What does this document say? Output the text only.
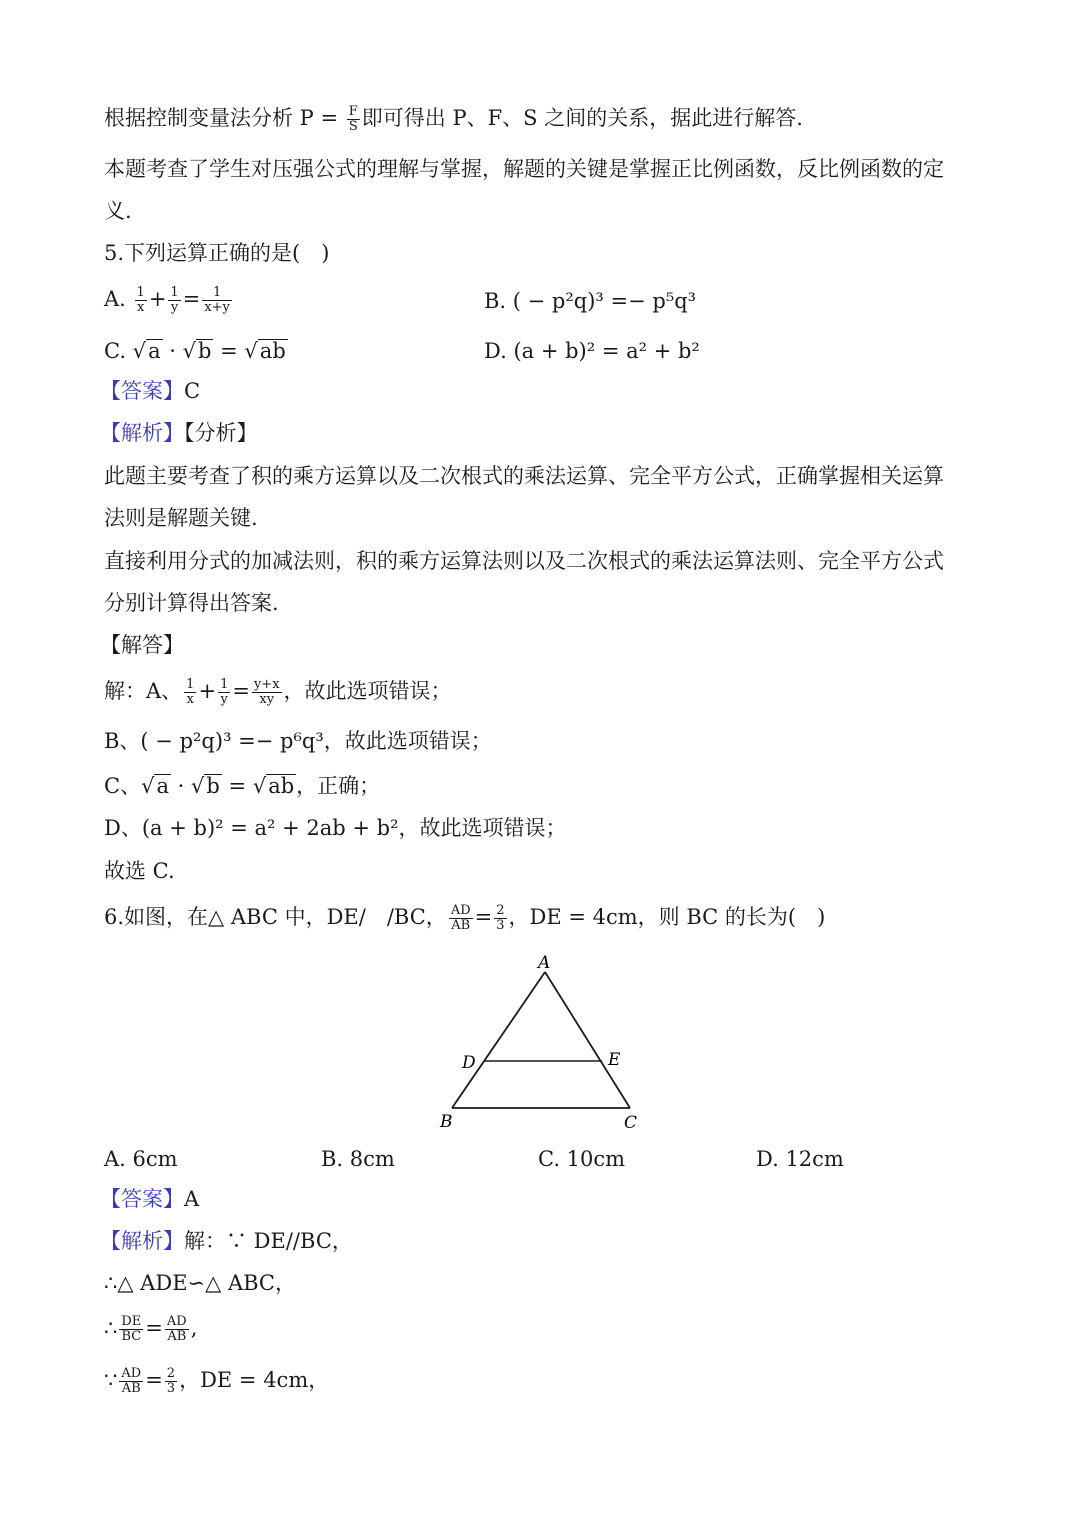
根据控制变量法分析 $P = \frac{F}{S}$ 即可得出 P、F、S 之间的关系，据此进行解答.
本题考查了学生对压强公式的理解与掌握，解题的关键是掌握正比例函数，反比例函数的定
义.
5.下列运算正确的是(　)
A. $\frac{1}{x} + \frac{1}{y} = \frac{1}{x+y}$	B. ( − p²q)³ =− p⁵q³
C. √a · √b = √ab	D. (a + b)² = a² + b²
【答案】C
【解析】【分析】
此题主要考查了积的乘方运算以及二次根式的乘法运算、完全平方公式，正确掌握相关运算
法则是解题关键.
直接利用分式的加减法则，积的乘方运算法则以及二次根式的乘法运算法则、完全平方公式
分别计算得出答案.
【解答】
解：A、 $\frac{1}{x} + \frac{1}{y} = \frac{y+x}{xy}$ ，故此选项错误；
B、( − p²q)³ =− p⁶q³，故此选项错误；
C、√a · √b = √ab，正确；
D、(a + b)² = a² + 2ab + b²，故此选项错误；
故选 C.
6.如图，在△ ABC 中，DE/　/BC， $\frac{AD}{AB} = \frac{2}{3}$ ，DE = 4cm，则 BC 的长为(　)
A
D	E
B	C
A. 6cm	B. 8cm	C. 10cm	D. 12cm
【答案】A
【解析】解：∵ DE//BC，
∴△ ADE∽△ ABC，
∴ $\frac{DE}{BC} = \frac{AD}{AB}$ ,
∵ $\frac{AD}{AB} = \frac{2}{3}$ ，DE = 4cm，
